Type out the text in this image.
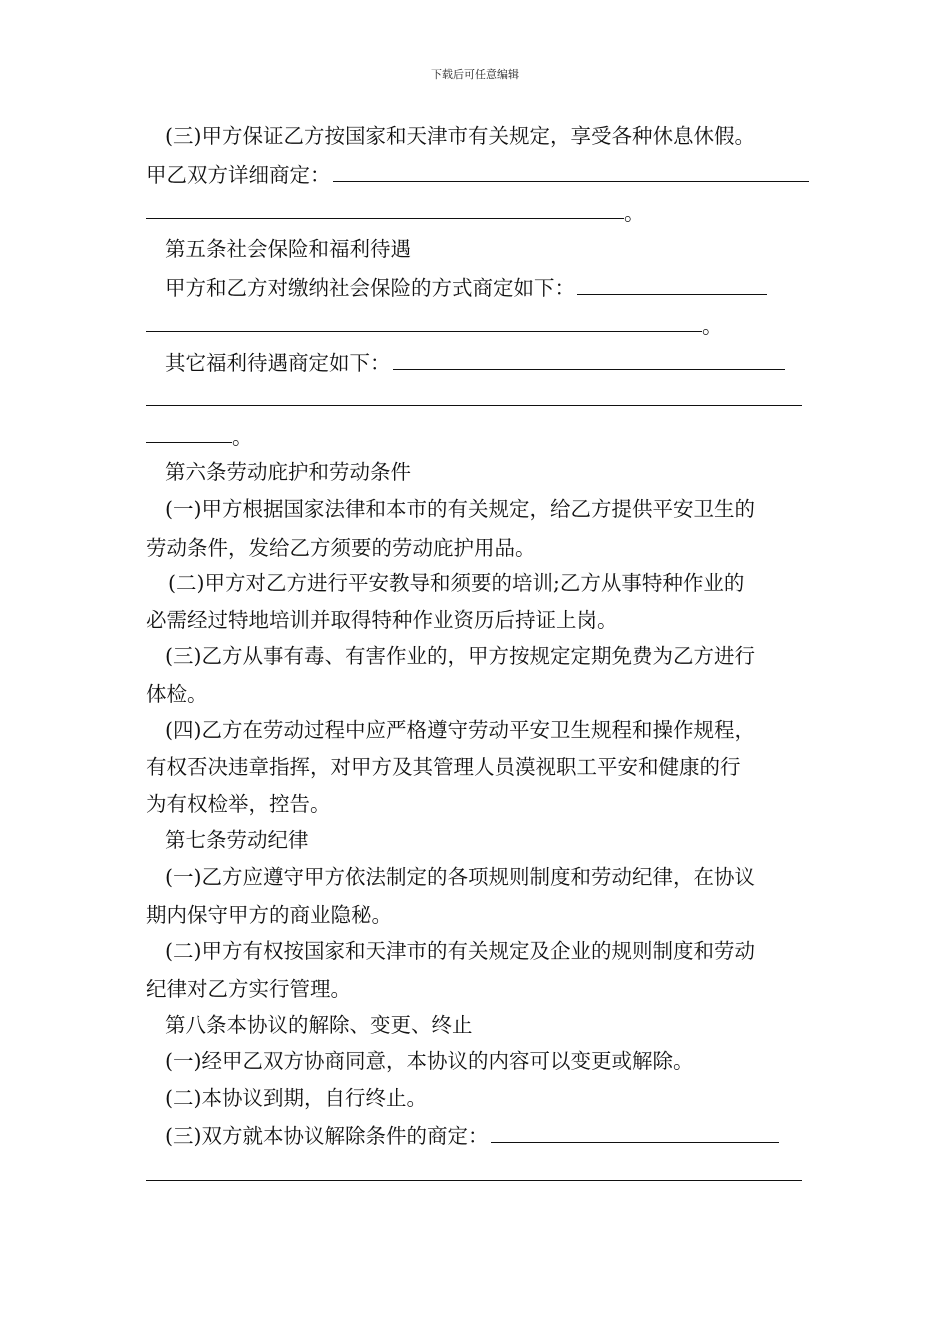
下载后可任意编辑
(三)甲方保证乙方按国家和天津市有关规定，享受各种休息休假。
甲乙双方详细商定：
。
第五条社会保险和福利待遇
甲方和乙方对缴纳社会保险的方式商定如下：
。
其它福利待遇商定如下：
。
第六条劳动庇护和劳动条件
(一)甲方根据国家法律和本市的有关规定，给乙方提供平安卫生的
劳动条件，发给乙方须要的劳动庇护用品。
(二)甲方对乙方进行平安教导和须要的培训;乙方从事特种作业的
必需经过特地培训并取得特种作业资历后持证上岗。
(三)乙方从事有毒、有害作业的，甲方按规定定期免费为乙方进行
体检。
(四)乙方在劳动过程中应严格遵守劳动平安卫生规程和操作规程，
有权否决违章指挥，对甲方及其管理人员漠视职工平安和健康的行
为有权检举，控告。
第七条劳动纪律
(一)乙方应遵守甲方依法制定的各项规则制度和劳动纪律，在协议
期内保守甲方的商业隐秘。
(二)甲方有权按国家和天津市的有关规定及企业的规则制度和劳动
纪律对乙方实行管理。
第八条本协议的解除、变更、终止
(一)经甲乙双方协商同意，本协议的内容可以变更或解除。
(二)本协议到期，自行终止。
(三)双方就本协议解除条件的商定：
